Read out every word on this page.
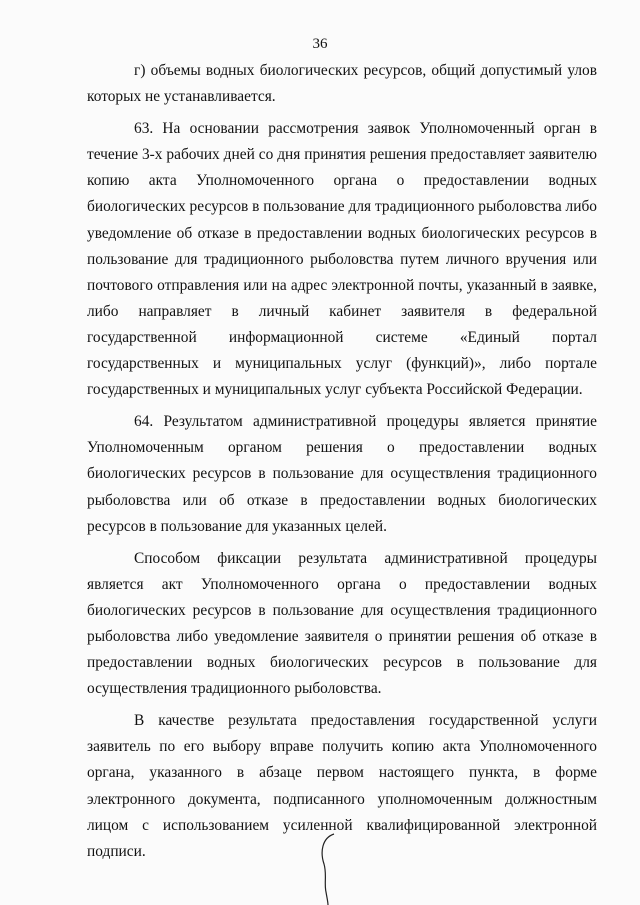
36

г) объемы водных биологических ресурсов, общий допустимый улов которых не устанавливается.

63. На основании рассмотрения заявок Уполномоченный орган в течение 3-х рабочих дней со дня принятия решения предоставляет заявителю копию акта Уполномоченного органа о предоставлении водных биологических ресурсов в пользование для традиционного рыболовства либо уведомление об отказе в предоставлении водных биологических ресурсов в пользование для традиционного рыболовства путем личного вручения или почтового отправления или на адрес электронной почты, указанный в заявке, либо направляет в личный кабинет заявителя в федеральной государственной информационной системе «Единый портал государственных и муниципальных услуг (функций)», либо портале государственных и муниципальных услуг субъекта Российской Федерации.

64. Результатом административной процедуры является принятие Уполномоченным органом решения о предоставлении водных биологических ресурсов в пользование для осуществления традиционного рыболовства или об отказе в предоставлении водных биологических ресурсов в пользование для указанных целей.

Способом фиксации результата административной процедуры является акт Уполномоченного органа о предоставлении водных биологических ресурсов в пользование для осуществления традиционного рыболовства либо уведомление заявителя о принятии решения об отказе в предоставлении водных биологических ресурсов в пользование для осуществления традиционного рыболовства.

В качестве результата предоставления государственной услуги заявитель по его выбору вправе получить копию акта Уполномоченного органа, указанного в абзаце первом настоящего пункта, в форме электронного документа, подписанного уполномоченным должностным лицом с использованием усиленной квалифицированной электронной подписи.
